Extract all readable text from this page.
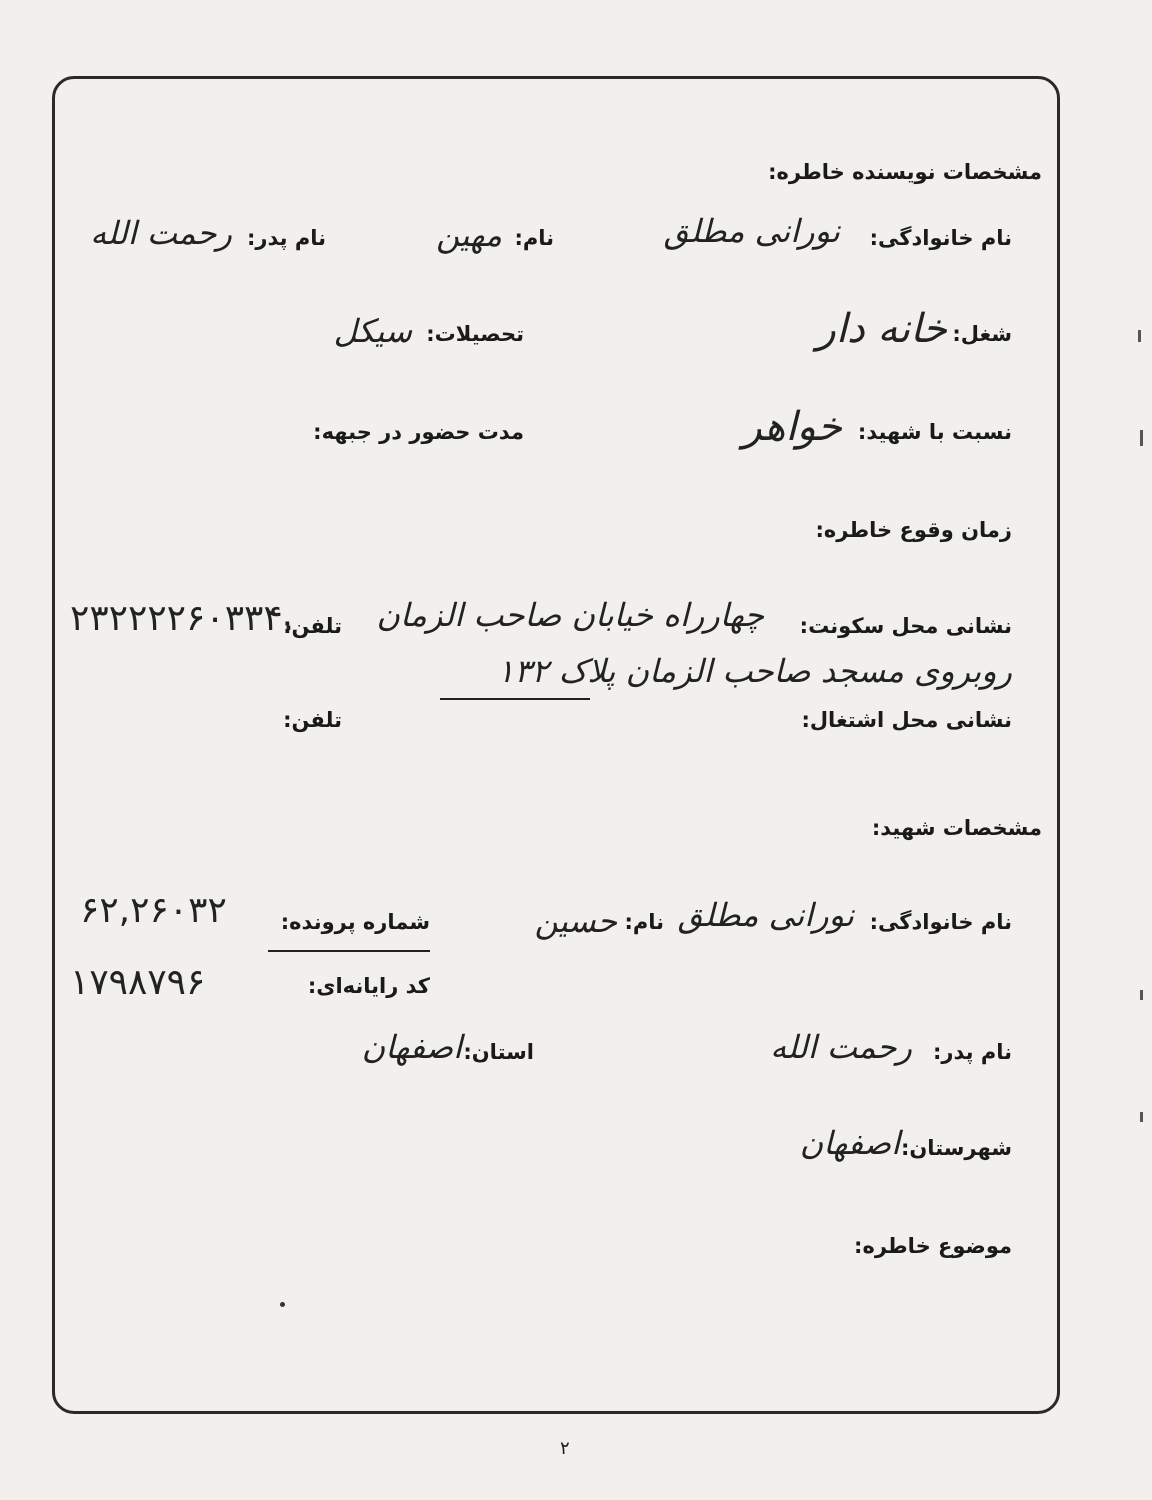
مشخصات نویسنده خاطره:
نام خانوادگی:
نورانی مطلق
نام:
مهین
نام پدر:
رحمت الله
شغل:
خانه دار
تحصیلات:
سیکل
نسبت با شهید:
خواهر
مدت حضور در جبهه:
زمان وقوع خاطره:
نشانی محل سکونت:
چهارراه خیابان صاحب الزمان
تلفن:
۲۳۲۲۲۲۶۰۳۳۴.
روبروی مسجد صاحب الزمان پلاک ۱۳۲
نشانی محل اشتغال:
تلفن:
مشخصات شهید:
نام خانوادگی:
نورانی مطلق
نام:
حسین
شماره پرونده:
۶۲,۲۶۰۳۲
کد رایانه‌ای:
۱۷۹۸۷۹۶
نام پدر:
رحمت الله
استان:
اصفهان
شهرستان:
اصفهان
موضوع خاطره:
۲
